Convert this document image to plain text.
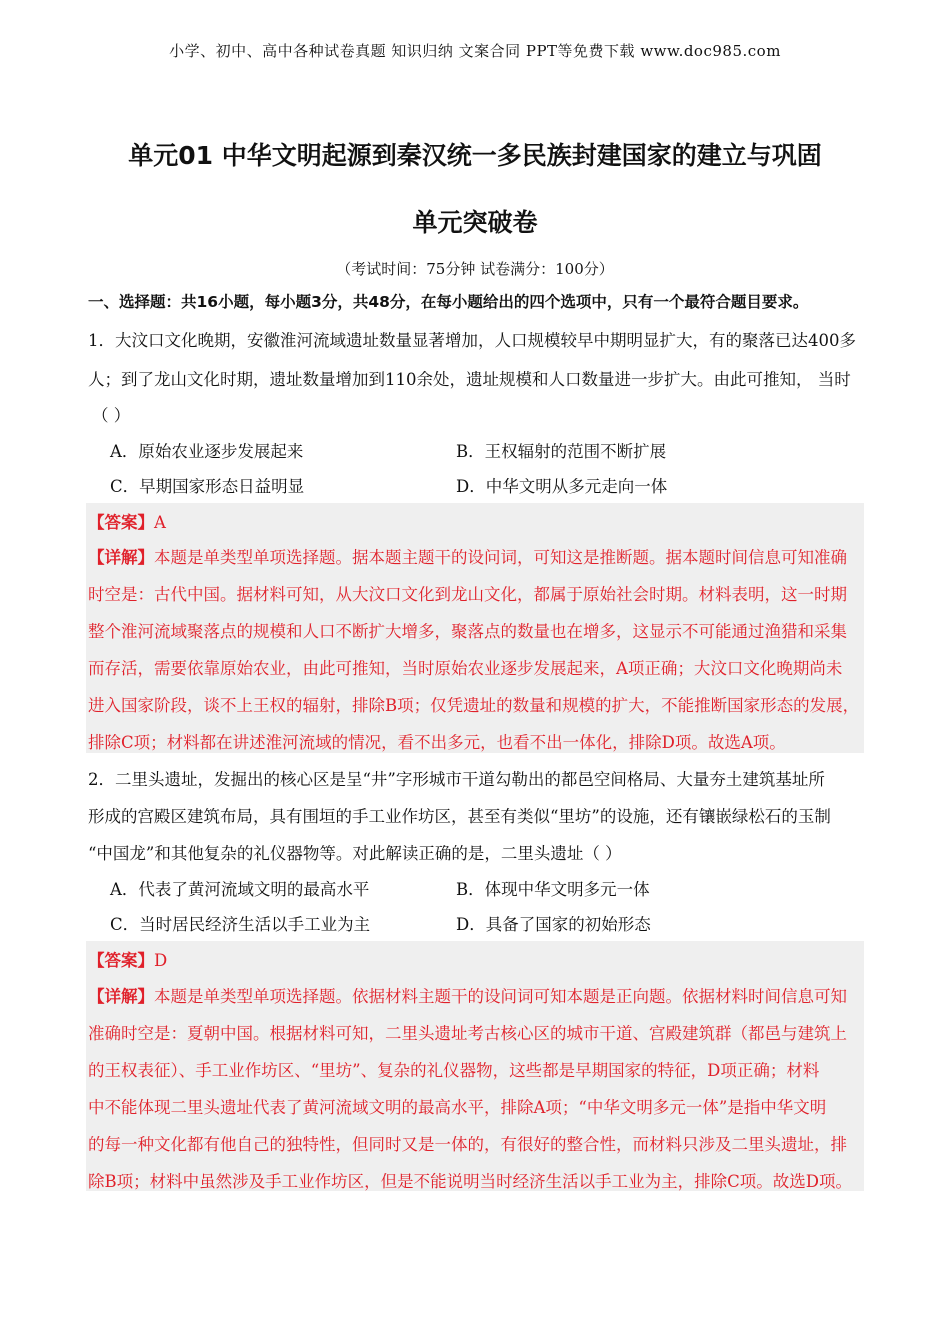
小学、初中、高中各种试卷真题 知识归纳 文案合同 PPT等免费下载 www.doc985.com
单元01 中华文明起源到秦汉统一多民族封建国家的建立与巩固
单元突破卷
（考试时间：75分钟 试卷满分：100分）
一、选择题：共16小题，每小题3分，共48分，在每小题给出的四个选项中，只有一个最符合题目要求。
1．大汶口文化晚期，安徽淮河流域遗址数量显著增加，人口规模较早中期明显扩大，有的聚落已达400多
人；到了龙山文化时期，遗址数量增加到110余处，遗址规模和人口数量进一步扩大。由此可推知， 当时
（ ）
A．原始农业逐步发展起来	B．王权辐射的范围不断扩展
C．早期国家形态日益明显	D．中华文明从多元走向一体
【答案】A
【详解】本题是单类型单项选择题。据本题主题干的设问词，可知这是推断题。据本题时间信息可知准确
时空是：古代中国。据材料可知，从大汶口文化到龙山文化，都属于原始社会时期。材料表明，这一时期
整个淮河流域聚落点的规模和人口不断扩大增多，聚落点的数量也在增多，这显示不可能通过渔猎和采集
而存活，需要依靠原始农业，由此可推知，当时原始农业逐步发展起来，A项正确；大汶口文化晚期尚未
进入国家阶段，谈不上王权的辐射，排除B项；仅凭遗址的数量和规模的扩大，不能推断国家形态的发展，
排除C项；材料都在讲述淮河流域的情况，看不出多元，也看不出一体化，排除D项。故选A项。
2．二里头遗址，发掘出的核心区是呈“井”字形城市干道勾勒出的都邑空间格局、大量夯土建筑基址所
形成的宫殿区建筑布局，具有围垣的手工业作坊区，甚至有类似“里坊”的设施，还有镶嵌绿松石的玉制
“中国龙”和其他复杂的礼仪器物等。对此解读正确的是，二里头遗址（ ）
A．代表了黄河流域文明的最高水平	B．体现中华文明多元一体
C．当时居民经济生活以手工业为主	D．具备了国家的初始形态
【答案】D
【详解】本题是单类型单项选择题。依据材料主题干的设问词可知本题是正向题。依据材料时间信息可知
准确时空是：夏朝中国。根据材料可知，二里头遗址考古核心区的城市干道、宫殿建筑群（都邑与建筑上
的王权表征）、手工业作坊区、“里坊”、复杂的礼仪器物，这些都是早期国家的特征，D项正确；材料
中不能体现二里头遗址代表了黄河流域文明的最高水平，排除A项；“中华文明多元一体”是指中华文明
的每一种文化都有他自己的独特性，但同时又是一体的，有很好的整合性，而材料只涉及二里头遗址，排
除B项；材料中虽然涉及手工业作坊区，但是不能说明当时经济生活以手工业为主，排除C项。故选D项。
